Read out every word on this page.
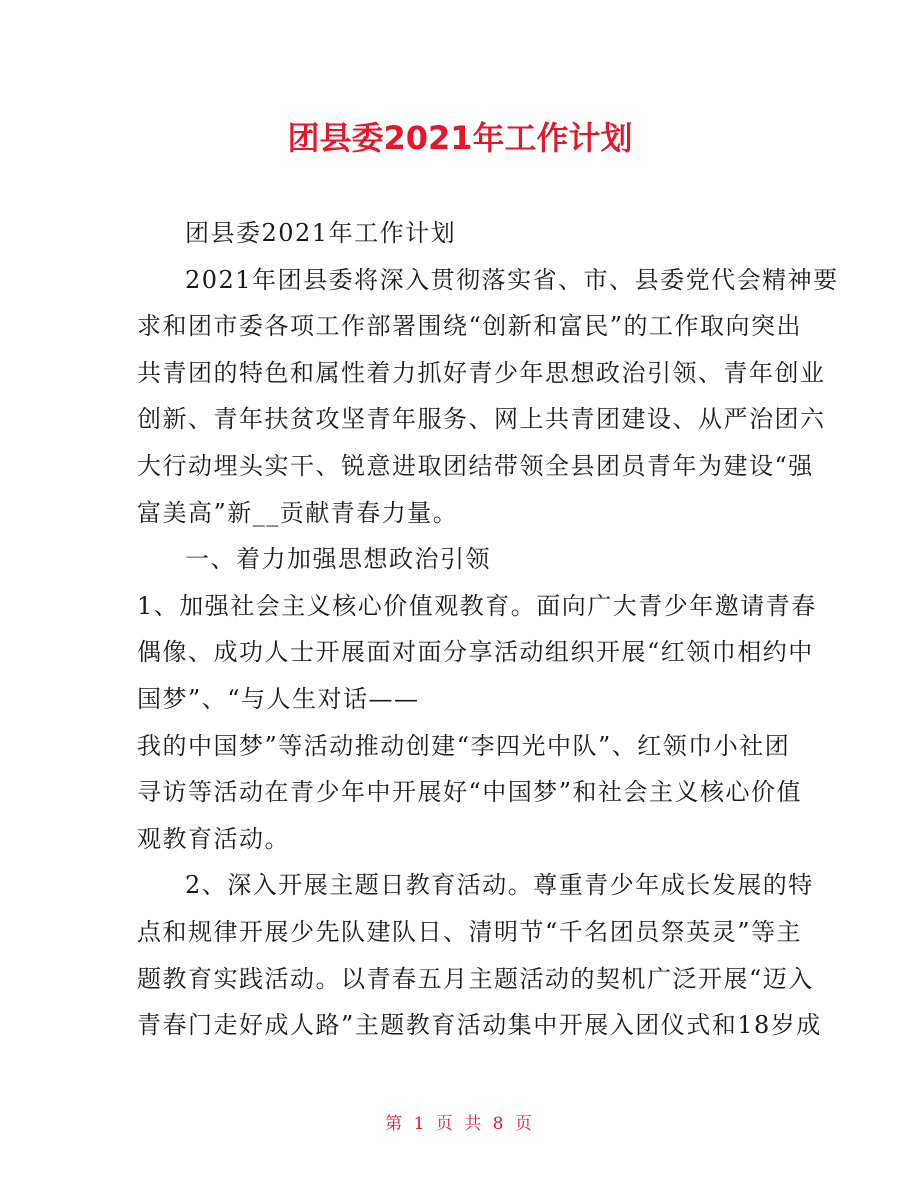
团县委2021年工作计划

团县委2021年工作计划

2021年团县委将深入贯彻落实省、市、县委党代会精神要
求和团市委各项工作部署围绕“创新和富民”的工作取向突出
共青团的特色和属性着力抓好青少年思想政治引领、青年创业
创新、青年扶贫攻坚青年服务、网上共青团建设、从严治团六
大行动埋头实干、锐意进取团结带领全县团员青年为建设“强
富美高”新__贡献青春力量。

一、着力加强思想政治引领

1、加强社会主义核心价值观教育。面向广大青少年邀请青春
偶像、成功人士开展面对面分享活动组织开展“红领巾相约中
国梦”、“与人生对话——
我的中国梦”等活动推动创建“李四光中队”、红领巾小社团
寻访等活动在青少年中开展好“中国梦”和社会主义核心价值
观教育活动。

2、深入开展主题日教育活动。尊重青少年成长发展的特
点和规律开展少先队建队日、清明节“千名团员祭英灵”等主
题教育实践活动。以青春五月主题活动的契机广泛开展“迈入
青春门走好成人路”主题教育活动集中开展入团仪式和18岁成

第 1 页 共 8 页
